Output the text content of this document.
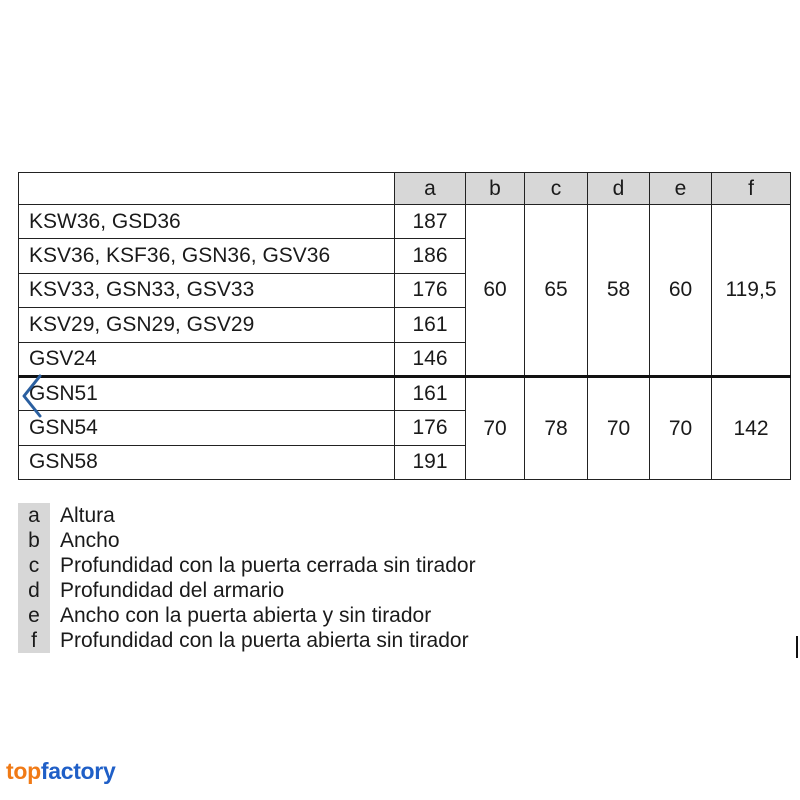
	a	b	c	d	e	f
KSW36, GSD36	187	60	65	58	60	119,5
KSV36, KSF36, GSN36, GSV36	186					
KSV33, GSN33, GSV33	176					
KSV29, GSN29, GSV29	161					
GSV24	146					
GSN51	161	70	78	70	70	142
GSN54	176					
GSN58	191					
a Altura
b Ancho
c Profundidad con la puerta cerrada sin tirador
d Profundidad del armario
e Ancho con la puerta abierta y sin tirador
f	Profundidad con la puerta abierta sin tirador
topfactory
